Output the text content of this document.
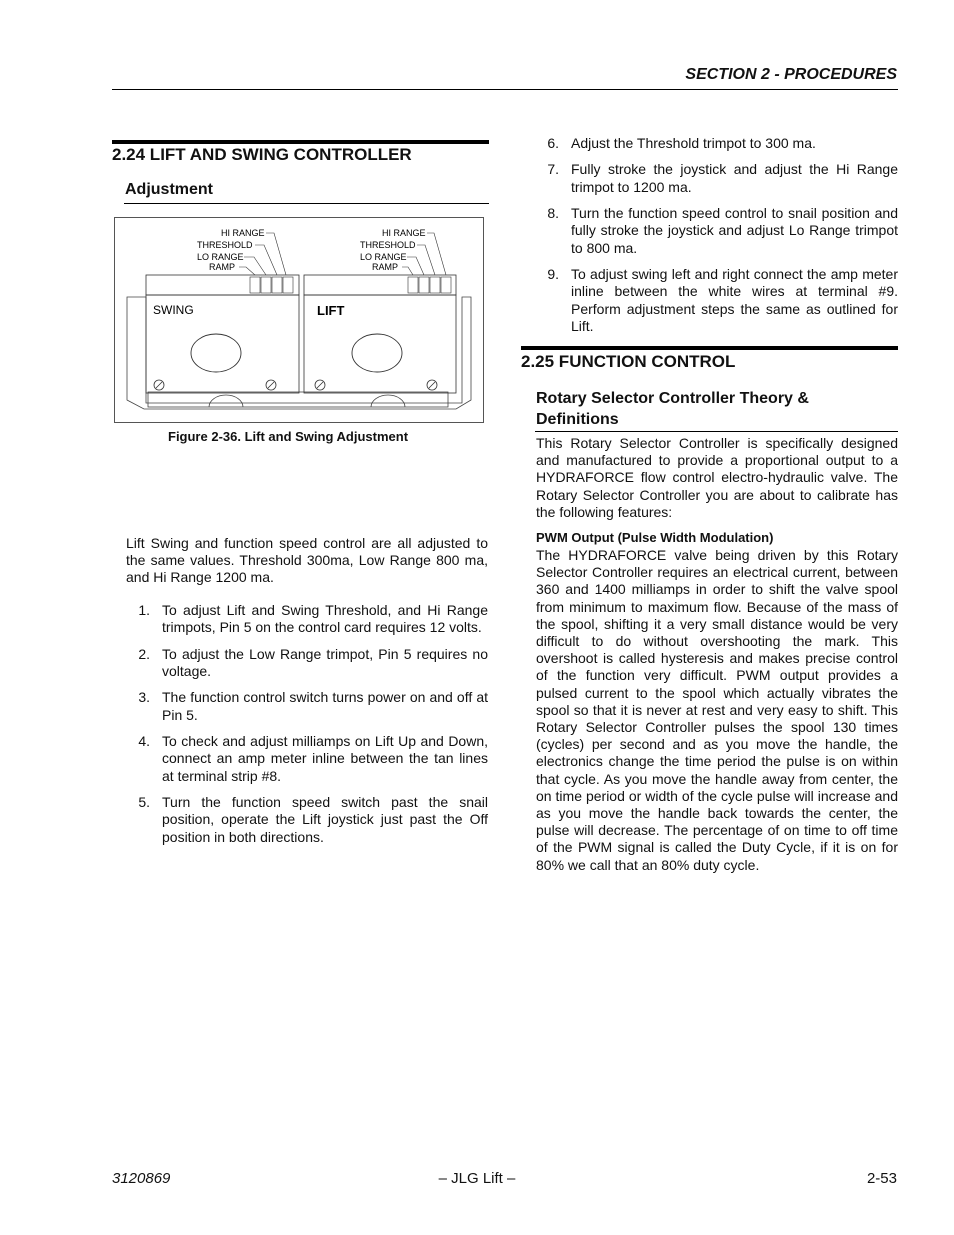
SECTION 2 - PROCEDURES
2.24 LIFT AND SWING CONTROLLER
Adjustment
SWING	LIFT
HI RANGE
THRESHOLD
LO RANGE
RAMP
HI RANGE
THRESHOLD
LO RANGE
RAMP
Figure 2-36. Lift and Swing Adjustment
Lift Swing and function speed control are all adjusted to the same values. Threshold 300ma, Low Range 800 ma, and Hi Range 1200 ma.
1. To adjust Lift and Swing Threshold, and Hi Range trimpots, Pin 5 on the control card requires 12 volts.
2. To adjust the Low Range trimpot, Pin 5 requires no voltage.
3. The function control switch turns power on and off at Pin 5.
4. To check and adjust milliamps on Lift Up and Down, connect an amp meter inline between the tan lines at terminal strip #8.
5. Turn the function speed switch past the snail position, operate the Lift joystick just past the Off position in both directions.
6. Adjust the Threshold trimpot to 300 ma.
7. Fully stroke the joystick and adjust the Hi Range trimpot to 1200 ma.
8. Turn the function speed control to snail position and fully stroke the joystick and adjust Lo Range trimpot to 800 ma.
9. To adjust swing left and right connect the amp meter inline between the white wires at terminal #9. Perform adjustment steps the same as outlined for Lift.
2.25 FUNCTION CONTROL
Rotary Selector Controller Theory & Definitions
This Rotary Selector Controller is specifically designed and manufactured to provide a proportional output to a HYDRAFORCE flow control electro-hydraulic valve. The Rotary Selector Controller you are about to calibrate has the following features:
PWM Output (Pulse Width Modulation)
The HYDRAFORCE valve being driven by this Rotary Selector Controller requires an electrical current, between 360 and 1400 milliamps in order to shift the valve spool from minimum to maximum flow. Because of the mass of the spool, shifting it a very small distance would be very difficult to do without overshooting the mark. This overshoot is called hysteresis and makes precise control of the function very difficult. PWM output provides a pulsed current to the spool which actually vibrates the spool so that it is never at rest and very easy to shift. This Rotary Selector Controller pulses the spool 130 times (cycles) per second and as you move the handle, the electronics change the time period the pulse is on within that cycle. As you move the handle away from center, the on time period or width of the cycle pulse will increase and as you move the handle back towards the center, the pulse will decrease. The percentage of on time to off time of the PWM signal is called the Duty Cycle, if it is on for 80% we call that an 80% duty cycle.
3120869	– JLG Lift –	2-53
